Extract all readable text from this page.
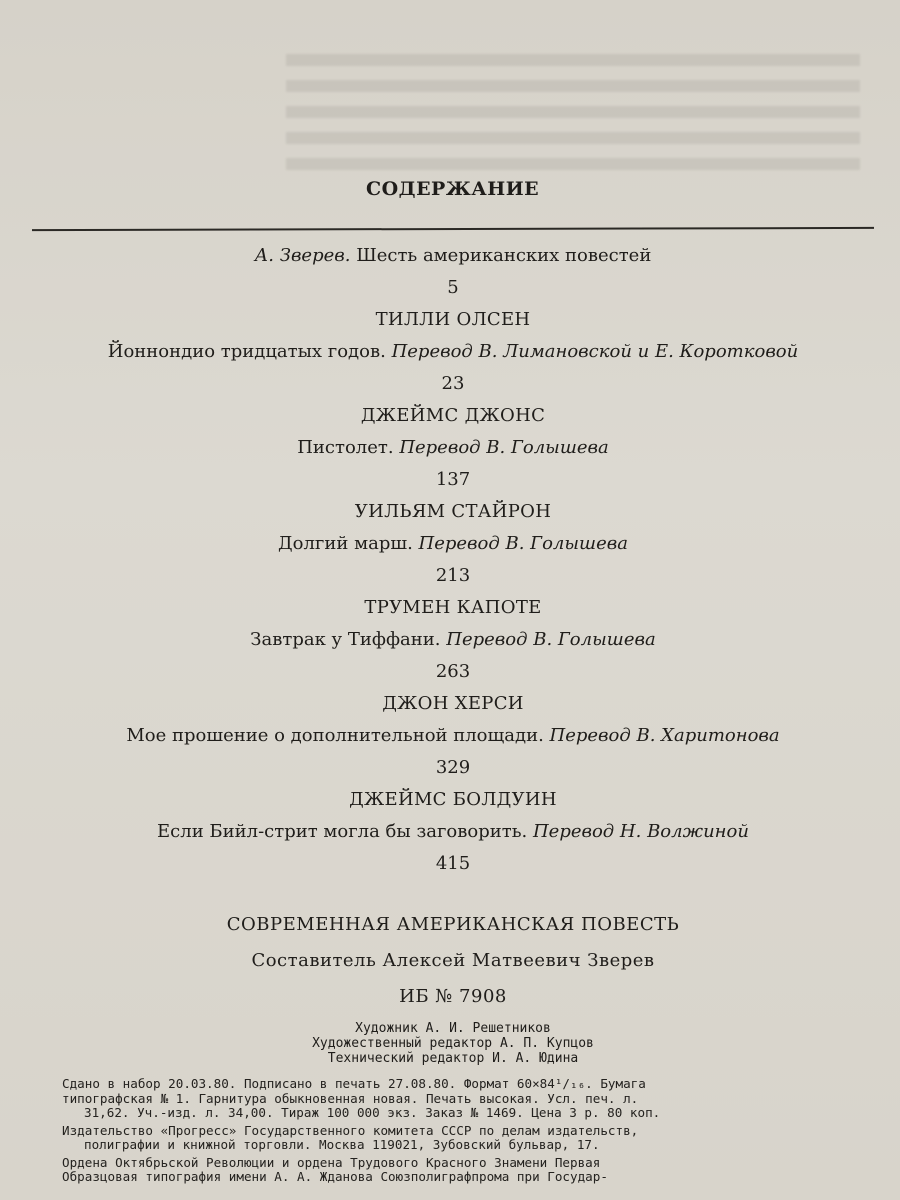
СОДЕРЖАНИЕ
А. Зверев. Шесть американских повестей
5
ТИЛЛИ ОЛСЕН
Йоннондио тридцатых годов. Перевод В. Лимановской и Е. Коротковой
23
ДЖЕЙМС ДЖОНС
Пистолет. Перевод В. Голышева
137
УИЛЬЯМ СТАЙРОН
Долгий марш. Перевод В. Голышева
213
ТРУМЕН КАПОТЕ
Завтрак у Тиффани. Перевод В. Голышева
263
ДЖОН ХЕРСИ
Мое прошение о дополнительной площади. Перевод В. Харитонова
329
ДЖЕЙМС БОЛДУИН
Если Бийл-стрит могла бы заговорить. Перевод Н. Волжиной
415
СОВРЕМЕННАЯ АМЕРИКАНСКАЯ ПОВЕСТЬ
Составитель Алексей Матвеевич Зверев
ИБ № 7908
Художник А. И. Решетников
Художественный редактор А. П. Купцов
Технический редактор И. А. Юдина
Сдано в набор 20.03.80. Подписано в печать 27.08.80. Формат 60×84¹/₁₆. Бумага
типографская № 1. Гарнитура обыкновенная новая. Печать высокая. Усл. печ. л.
31,62. Уч.-изд. л. 34,00. Тираж 100 000 экз. Заказ № 1469. Цена 3 р. 80 коп.
Издательство «Прогресс» Государственного комитета СССР по делам издательств,
полиграфии и книжной торговли. Москва 119021, Зубовский бульвар, 17.
Ордена Октябрьской Революции и ордена Трудового Красного Знамени Первая
Образцовая типография имени А. А. Жданова Союзполиграфпрома при Государ-
